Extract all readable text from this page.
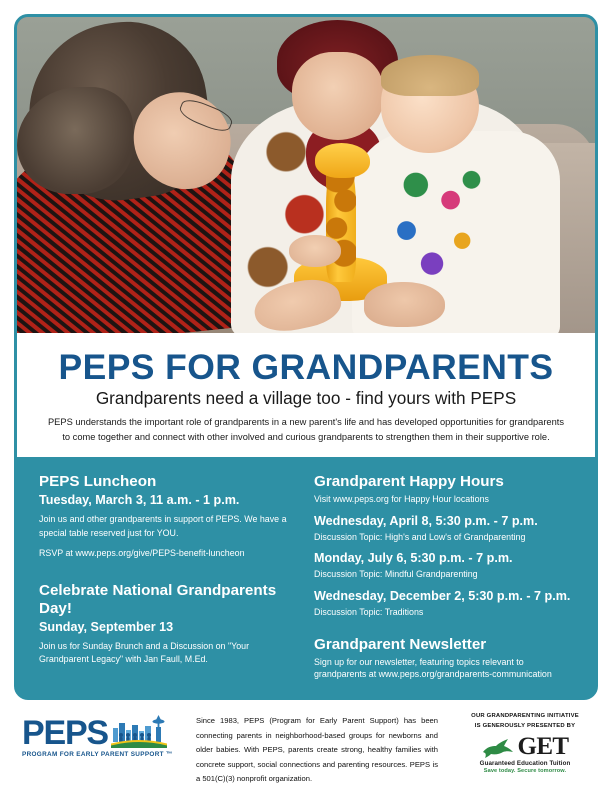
PEPS FOR GRANDPARENTS
Grandparents need a village too - find yours with PEPS
PEPS understands the important role of grandparents in a new parent's life and has developed opportunities for grandparents
to come together and connect with other involved and curious grandparents to strengthen them in their supportive role.
PEPS Luncheon
Tuesday, March 3, 11 a.m. - 1 p.m.
Join us and other grandparents in support of PEPS. We have a special table reserved just for YOU.
RSVP at www.peps.org/give/PEPS-benefit-luncheon
Celebrate National Grandparents Day!
Sunday, September 13
Join us for Sunday Brunch and a Discussion on "Your Grandparent Legacy" with Jan Faull, M.Ed.
Grandparent Happy Hours
Visit www.peps.org for Happy Hour locations
Wednesday, April 8, 5:30 p.m. - 7 p.m.
Discussion Topic: High's and Low's of Grandparenting
Monday, July 6, 5:30 p.m. - 7 p.m.
Discussion Topic: Mindful Grandparenting
Wednesday, December 2, 5:30 p.m. - 7 p.m.
Discussion Topic: Traditions
Grandparent Newsletter
Sign up for our newsletter, featuring topics relevant to
grandparents at www.peps.org/grandparents-communication
PEPS
PROGRAM FOR EARLY PARENT SUPPORT ™
Since 1983, PEPS (Program for Early Parent Support) has been connecting parents in neighborhood-based groups for newborns and older babies. With PEPS, parents create strong, healthy families with concrete support, social connections and parenting resources. PEPS is a 501(C)(3) nonprofit organization.
OUR GRANDPARENTING INITIATIVE
IS GENEROUSLY PRESENTED BY
GET
Guaranteed Education Tuition
Save today. Secure tomorrow.
